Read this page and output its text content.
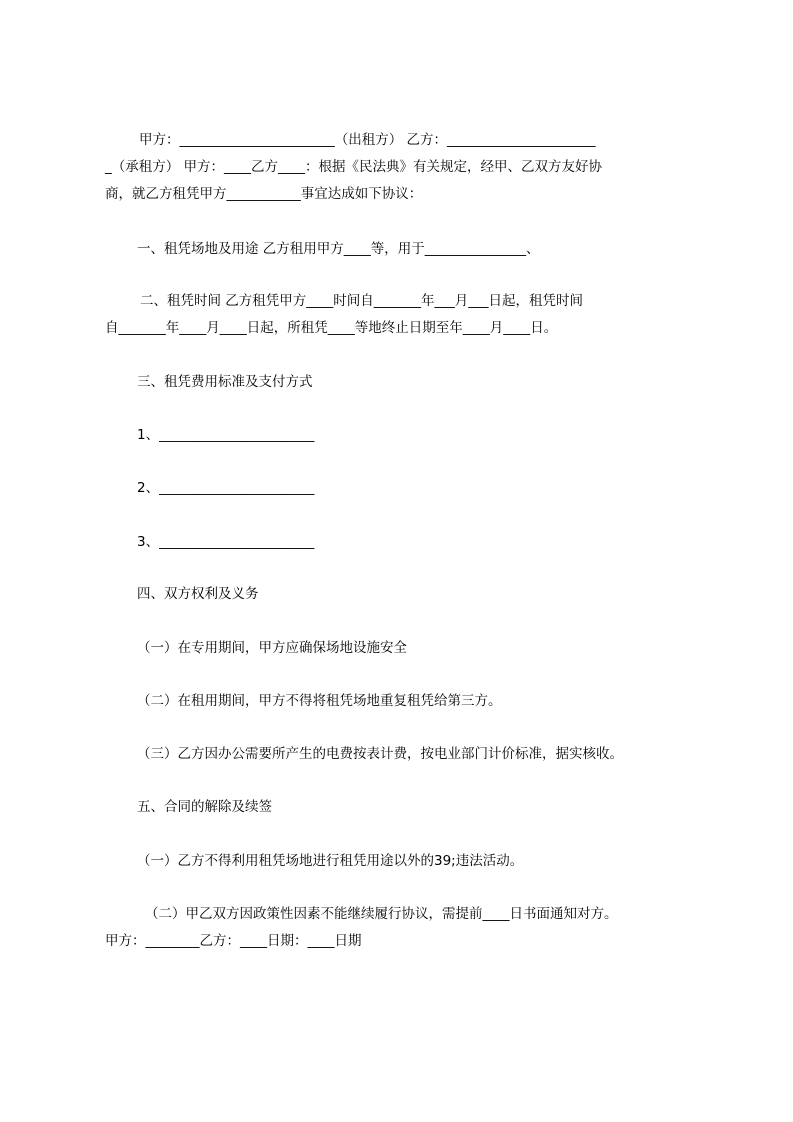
甲方：_______________________（出租方） 乙方：______________________
_（承租方） 甲方：____乙方____：根据《民法典》有关规定，经甲、乙双方友好协
商，就乙方租凭甲方___________事宜达成如下协议：
一、租凭场地及用途 乙方租用甲方____等，用于_______________、
二、租凭时间 乙方租凭甲方____时间自_______年___月___日起，租凭时间
自_______年____月____日起，所租凭____等地终止日期至年____月____日。
三、租凭费用标准及支付方式
1、_______________________
2、_______________________
3、_______________________
四、双方权利及义务
（一）在专用期间，甲方应确保场地设施安全
（二）在租用期间，甲方不得将租凭场地重复租凭给第三方。
（三）乙方因办公需要所产生的电费按表计费，按电业部门计价标准，据实核收。
五、合同的解除及续签
（一）乙方不得利用租凭场地进行租凭用途以外的39;违法活动。
（二）甲乙双方因政策性因素不能继续履行协议，需提前____日书面通知对方。
甲方：________乙方：____日期：____日期
